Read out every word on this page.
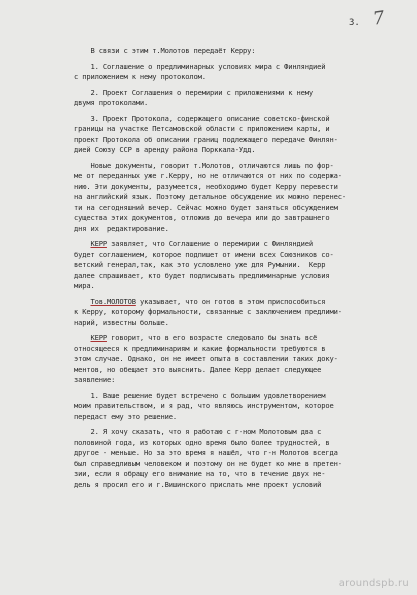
7
3.

В связи с этим т.Молотов передаёт Керру:

1. Соглашение о предлиминарных условиях мира с Финляндией

с приложением к нему протоколом.

2. Проект Соглашения о перемирии с приложениями к нему

двумя протоколами.

3. Проект Протокола, содержащего описание советско-финской

границы на участке Петсамовской области с приложением карты, и

проект Протокола об описании границ подлежащего передаче Финлян-

дией Союзу ССР в аренду района Порккала-Удд.

Новые документы, говорит т.Молотов, отличаются лишь по фор-

ме от переданных уже г.Керру, но не отличаются от них по содержа-

нию. Эти документы, разумеется, необходимо будет Керру перевести

на английский язык. Поэтому детальное обсуждение их можно перенес-

ти на сегодняшний вечер. Сейчас можно будет заняться обсуждением

существа этих документов, отложив до вечера или до завтрашнего

дня их  редактирование.

КЕРР заявляет, что Соглашение о перемирии с Финляндией

будет соглашением, которое подпишет от имени всех Союзников со-

ветский генерал,так, как это условлено уже для Румынии.  Керр

далее спрашивает, кто будет подписывать предлиминарные условия

мира.

Тов.МОЛОТОВ указывает, что он готов в этом приспособиться

к Керру, которому формальности, связанные с заключением предлими-

нарий, известны больше.

КЕРР говорит, что в его возрасте следовало бы знать всё

относящееся к предлиминариям и какие формальности требуются в

этом случае. Однако, он не имеет опыта в составлении таких доку-

ментов, но обещает это выяснить. Далее Керр делает следующее

заявление:

1. Ваше решение будет встречено с большим удовлетворением

моим правительством, и я рад, что являюсь инструментом, которое

передаст ему это решение.

2. Я хочу сказать, что я работаю с г-ном Молотовым два с

половиной года, из которых одно время было более трудностей, в

другое - меньше. Но за это время я нашёл, что г-н Молотов всегда

был справедливым человеком и поэтому он не будет ко мне в претен-

зии, если я обращу его внимание на то, что в течение двух не-

дель я просил его и г.Вишинского прислать мне проект условий

aroundspb.ru
